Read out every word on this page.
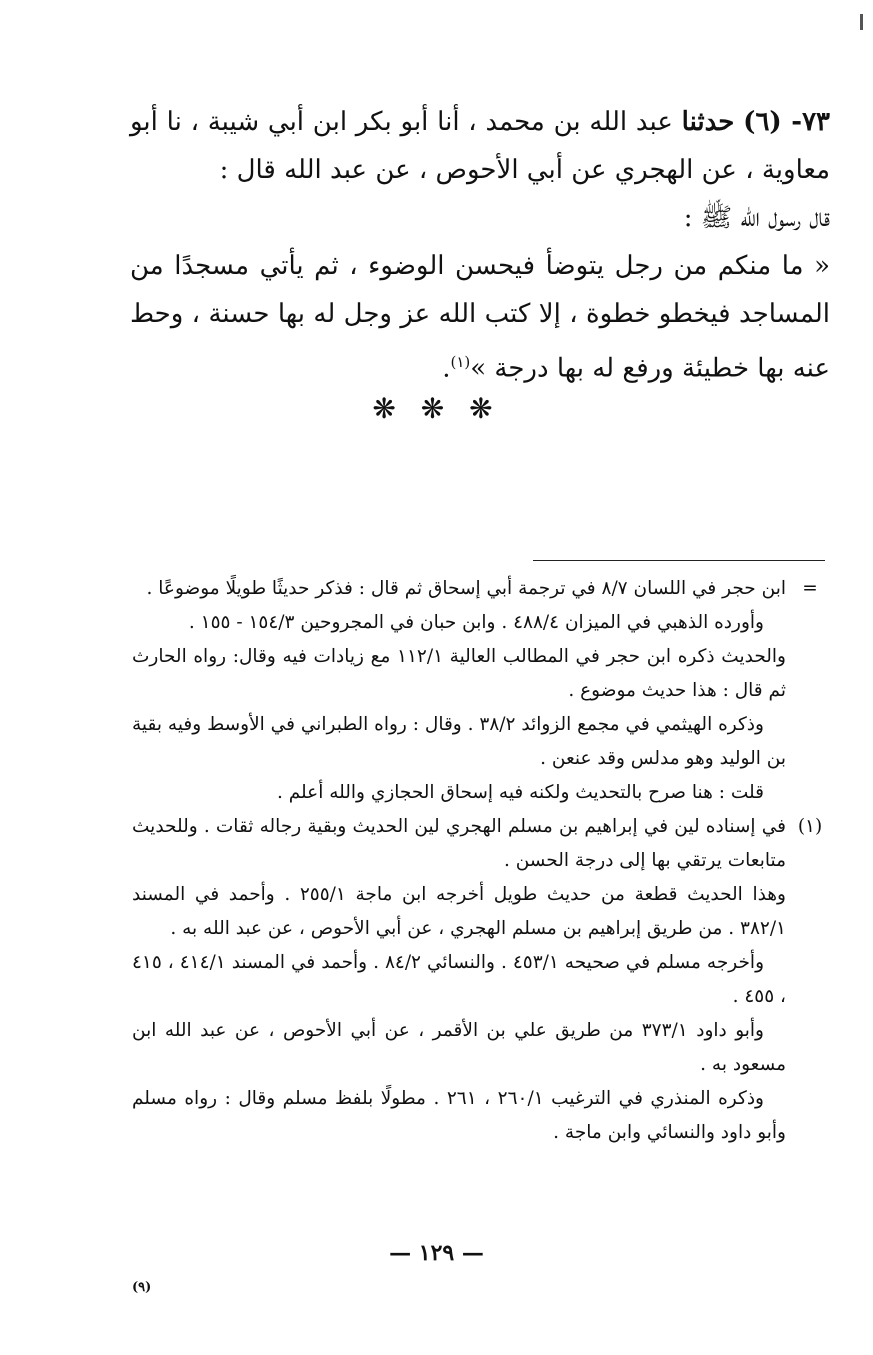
٧٣- (٦) حدثنا عبد الله بن محمد ، أنا أبو بكر ابن أبي شيبة ، نا أبو معاوية ، عن الهجري عن أبي الأحوص ، عن عبد الله قال :

قال رسول الله ﷺ :

« ما منكم من رجل يتوضأ فيحسن الوضوء ، ثم يأتي مسجدًا من المساجد فيخطو خطوة ، إلا كتب الله عز وجل له بها حسنة ، وحط عنه بها خطيئة ورفع له بها درجة »$^{(١)}$.

❋ ❋ ❋

=
ابن حجر في اللسان ٨/٧ في ترجمة أبي إسحاق ثم قال : فذكر حديثًا طويلًا موضوعًا .

وأورده الذهبي في الميزان ٤٨٨/٤ . وابن حبان في المجروحين ١٥٤/٣ - ١٥٥ .

والحديث ذكره ابن حجر في المطالب العالية ١١٢/١ مع زيادات فيه وقال: رواه الحارث ثم قال : هذا حديث موضوع .

وذكره الهيثمي في مجمع الزوائد ٣٨/٢ . وقال : رواه الطبراني في الأوسط وفيه بقية بن الوليد وهو مدلس وقد عنعن .

قلت : هنا صرح بالتحديث ولكنه فيه إسحاق الحجازي والله أعلم .

(١)
في إسناده لين في إبراهيم بن مسلم الهجري لين الحديث وبقية رجاله ثقات . وللحديث متابعات يرتقي بها إلى درجة الحسن .

وهذا الحديث قطعة من حديث طويل أخرجه ابن ماجة ٢٥٥/١ . وأحمد في المسند ٣٨٢/١ . من طريق إبراهيم بن مسلم الهجري ، عن أبي الأحوص ، عن عبد الله به .

وأخرجه مسلم في صحيحه ٤٥٣/١ . والنسائي ٨٤/٢ . وأحمد في المسند ٤١٤/١ ، ٤١٥ ، ٤٥٥ .

وأبو داود ٣٧٣/١ من طريق علي بن الأقمر ، عن أبي الأحوص ، عن عبد الله ابن مسعود به .

وذكره المنذري في الترغيب ٢٦٠/١ ، ٢٦١ . مطولًا بلفظ مسلم وقال : رواه مسلم وأبو داود والنسائي وابن ماجة .

— ١٢٩ —
(٩)
